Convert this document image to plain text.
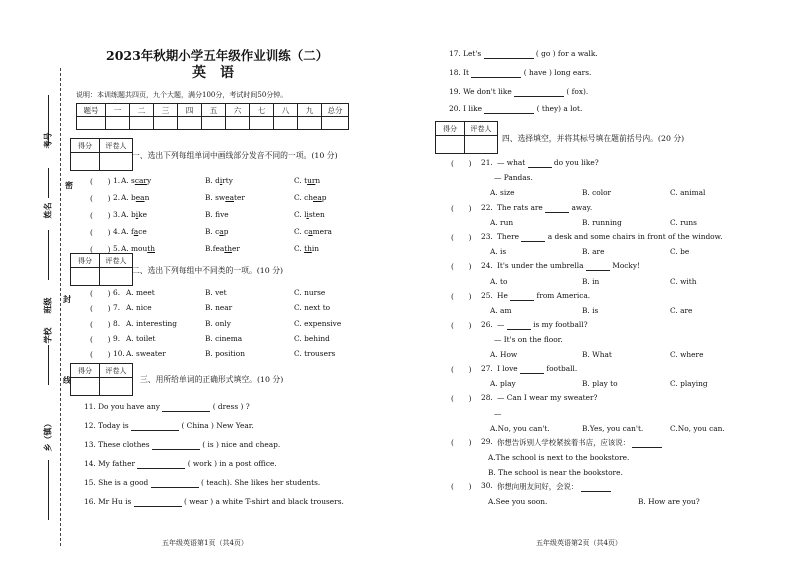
密
封
线
考号
姓名
班级
学校
乡（镇）
2023年秋期小学五年级作业训练（二）
英　语
说明：本训练题共四页，九个大题，满分100分，考试时间50分钟。
题号	一	二	三	四	五	六	七	八	九	总分

得分	评卷人

一、选出下列每组单词中画线部分发音不同的一项。(10 分)
(　　) 1. A. scary	B. dirty	C. turn
(　　) 2. A. bean	B. sweater	C. cheap
(　　) 3. A. bike	B. fve	C. listen
(　　) 4. A. face	B. cap	C. camera
(　　) 5. A. mouth	B.feather	C. thin
得分	评卷人

二、选出下列每组中不同类的一项。(10 分)
(　　) 6. A. meet	B. vet	C. nurse
(　　) 7. A. nice	B. near	C. next to
(　　) 8. A. interesting	B. only	C. expensive
(　　) 9. A. toilet	B. cinema	C. behind
(　　) 10. A. sweater	B. position	C. trousers
得分	评卷人

三、用所给单词的正确形式填空。(10 分)
11. Do you have any	( dress ) ?
12. Today is	( China ) New Year.
13. These clothes	( is ) nice and cheap.
14. My father	( work ) in a post office.
15. She is a good	( teach). She likes her students.
16. Mr Hu is	( wear ) a white T-shirt and black trousers.
17. Let's	( go ) for a walk.
18. It	( have ) long ears.
19. We don't like	( fox).
20. I like	( they) a lot.
得分	评卷人

四、选择填空，并将其标号填在题前括号内。(20 分)
(　　) 21. — what	do you like?
— Pandas.
A. size	B. color	C. animal
(　　) 22. The rats are	away.
A. run	B. running	C. runs
(　　) 23. There	a desk and some chairs in front of the window.
A. is	B. are	C. be
(　　) 24. It's under the umbrella	Mocky!
A. to	B. in	C. with
(　　) 25. He	from America.
A. am	B. is	C. are
(　　) 26. —	is my football?
— It's on the floor.
A. How	B. What	C. where
(　　) 27. I love	football.
A. play	B. play to	C. playing
(　　) 28. — Can I wear my sweater?
—
A.No, you can't.	B.Yes, you can't.	C.No, you can.
(　　) 29. 你想告诉别人学校紧挨着书店，应该说：
A.The school is next to the bookstore.
B. The school is near the bookstore.
(　　) 30. 你想向朋友问好，会说：
A.See you soon.	B. How are you?
五年级英语第1页（共4页）	五年级英语第2页（共4页）
